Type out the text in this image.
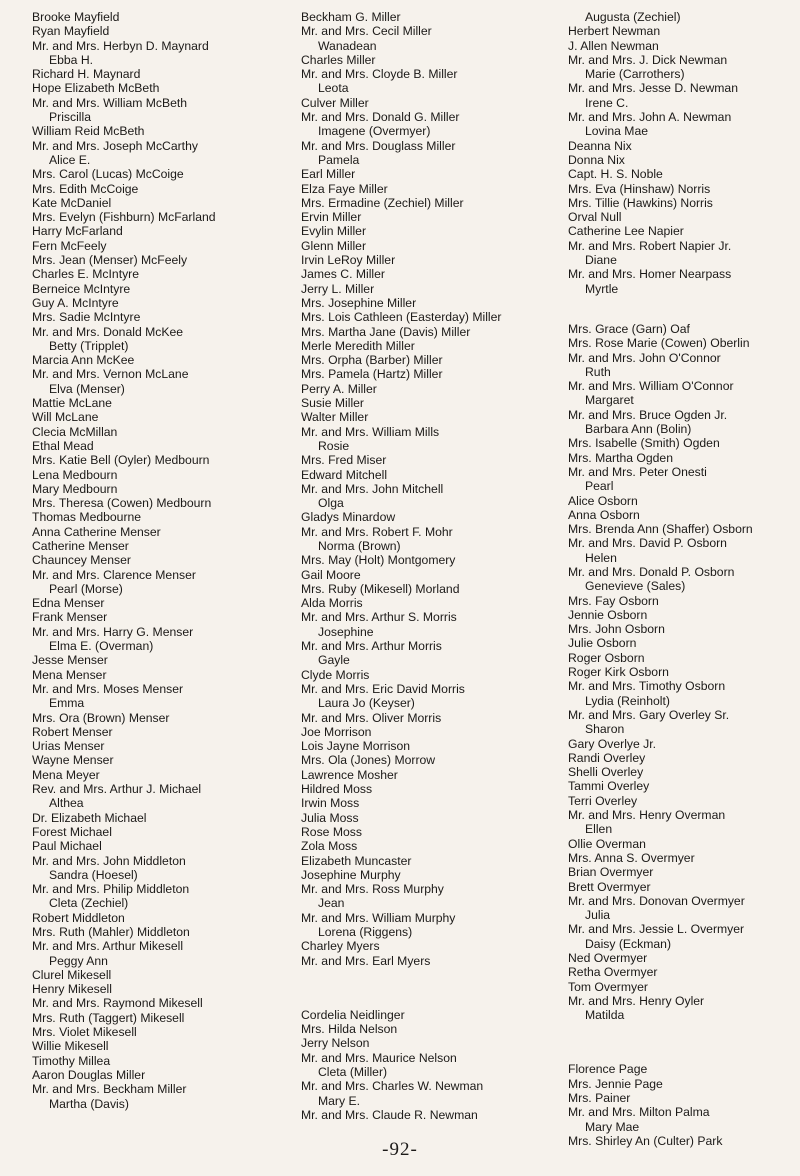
Brooke Mayfield
Ryan Mayfield
Mr. and Mrs. Herbyn D. Maynard
Ebba H.
Richard H. Maynard
Hope Elizabeth McBeth
Mr. and Mrs. William McBeth
Priscilla
William Reid McBeth
Mr. and Mrs. Joseph McCarthy
Alice E.
Mrs. Carol (Lucas) McCoige
Mrs. Edith McCoige
Kate McDaniel
Mrs. Evelyn (Fishburn) McFarland
Harry McFarland
Fern McFeely
Mrs. Jean (Menser) McFeely
Charles E. McIntyre
Berneice McIntyre
Guy A. McIntyre
Mrs. Sadie McIntyre
Mr. and Mrs. Donald McKee
Betty (Tripplet)
Marcia Ann McKee
Mr. and Mrs. Vernon McLane
Elva (Menser)
Mattie McLane
Will McLane
Clecia McMillan
Ethal Mead
Mrs. Katie Bell (Oyler) Medbourn
Lena Medbourn
Mary Medbourn
Mrs. Theresa (Cowen) Medbourn
Thomas Medbourne
Anna Catherine Menser
Catherine Menser
Chauncey Menser
Mr. and Mrs. Clarence Menser
Pearl (Morse)
Edna Menser
Frank Menser
Mr. and Mrs. Harry G. Menser
Elma E. (Overman)
Jesse Menser
Mena Menser
Mr. and Mrs. Moses Menser
Emma
Mrs. Ora (Brown) Menser
Robert Menser
Urias Menser
Wayne Menser
Mena Meyer
Rev. and Mrs. Arthur J. Michael
Althea
Dr. Elizabeth Michael
Forest Michael
Paul Michael
Mr. and Mrs. John Middleton
Sandra (Hoesel)
Mr. and Mrs. Philip Middleton
Cleta (Zechiel)
Robert Middleton
Mrs. Ruth (Mahler) Middleton
Mr. and Mrs. Arthur Mikesell
Peggy Ann
Clurel Mikesell
Henry Mikesell
Mr. and Mrs. Raymond Mikesell
Mrs. Ruth (Taggert) Mikesell
Mrs. Violet Mikesell
Willie Mikesell
Timothy Millea
Aaron Douglas Miller
Mr. and Mrs. Beckham Miller
Martha (Davis)
Beckham G. Miller
Mr. and Mrs. Cecil Miller
Wanadean
Charles Miller
Mr. and Mrs. Cloyde B. Miller
Leota
Culver Miller
Mr. and Mrs. Donald G. Miller
Imagene (Overmyer)
Mr. and Mrs. Douglass Miller
Pamela
Earl Miller
Elza Faye Miller
Mrs. Ermadine (Zechiel) Miller
Ervin Miller
Evylin Miller
Glenn Miller
Irvin LeRoy Miller
James C. Miller
Jerry L. Miller
Mrs. Josephine Miller
Mrs. Lois Cathleen (Easterday) Miller
Mrs. Martha Jane (Davis) Miller
Merle Meredith Miller
Mrs. Orpha (Barber) Miller
Mrs. Pamela (Hartz) Miller
Perry A. Miller
Susie Miller
Walter Miller
Mr. and Mrs. William Mills
Rosie
Mrs. Fred Miser
Edward Mitchell
Mr. and Mrs. John Mitchell
Olga
Gladys Minardow
Mr. and Mrs. Robert F. Mohr
Norma (Brown)
Mrs. May (Holt) Montgomery
Gail Moore
Mrs. Ruby (Mikesell) Morland
Alda Morris
Mr. and Mrs. Arthur S. Morris
Josephine
Mr. and Mrs. Arthur Morris
Gayle
Clyde Morris
Mr. and Mrs. Eric David Morris
Laura Jo (Keyser)
Mr. and Mrs. Oliver Morris
Joe Morrison
Lois Jayne Morrison
Mrs. Ola (Jones) Morrow
Lawrence Mosher
Hildred Moss
Irwin Moss
Julia Moss
Rose Moss
Zola Moss
Elizabeth Muncaster
Josephine Murphy
Mr. and Mrs. Ross Murphy
Jean
Mr. and Mrs. William Murphy
Lorena (Riggens)
Charley Myers
Mr. and Mrs. Earl Myers
Cordelia Neidlinger
Mrs. Hilda Nelson
Jerry Nelson
Mr. and Mrs. Maurice Nelson
Cleta (Miller)
Mr. and Mrs. Charles W. Newman
Mary E.
Mr. and Mrs. Claude R. Newman
Augusta (Zechiel)
Herbert Newman
J. Allen Newman
Mr. and Mrs. J. Dick Newman
Marie (Carrothers)
Mr. and Mrs. Jesse D. Newman
Irene C.
Mr. and Mrs. John A. Newman
Lovina Mae
Deanna Nix
Donna Nix
Capt. H. S. Noble
Mrs. Eva (Hinshaw) Norris
Mrs. Tillie (Hawkins) Norris
Orval Null
Catherine Lee Napier
Mr. and Mrs. Robert Napier Jr.
Diane
Mr. and Mrs. Homer Nearpass
Myrtle
Mrs. Grace (Garn) Oaf
Mrs. Rose Marie (Cowen) Oberlin
Mr. and Mrs. John O'Connor
Ruth
Mr. and Mrs. William O'Connor
Margaret
Mr. and Mrs. Bruce Ogden Jr.
Barbara Ann (Bolin)
Mrs. Isabelle (Smith) Ogden
Mrs. Martha Ogden
Mr. and Mrs. Peter Onesti
Pearl
Alice Osborn
Anna Osborn
Mrs. Brenda Ann (Shaffer) Osborn
Mr. and Mrs. David P. Osborn
Helen
Mr. and Mrs. Donald P. Osborn
Genevieve (Sales)
Mrs. Fay Osborn
Jennie Osborn
Mrs. John Osborn
Julie Osborn
Roger Osborn
Roger Kirk Osborn
Mr. and Mrs. Timothy Osborn
Lydia (Reinholt)
Mr. and Mrs. Gary Overley Sr.
Sharon
Gary Overlye Jr.
Randi Overley
Shelli Overley
Tammi Overley
Terri Overley
Mr. and Mrs. Henry Overman
Ellen
Ollie Overman
Mrs. Anna S. Overmyer
Brian Overmyer
Brett Overmyer
Mr. and Mrs. Donovan Overmyer
Julia
Mr. and Mrs. Jessie L. Overmyer
Daisy (Eckman)
Ned Overmyer
Retha Overmyer
Tom Overmyer
Mr. and Mrs. Henry Oyler
Matilda
Florence Page
Mrs. Jennie Page
Mrs. Painer
Mr. and Mrs. Milton Palma
Mary Mae
Mrs. Shirley An (Culter) Park
-92-
